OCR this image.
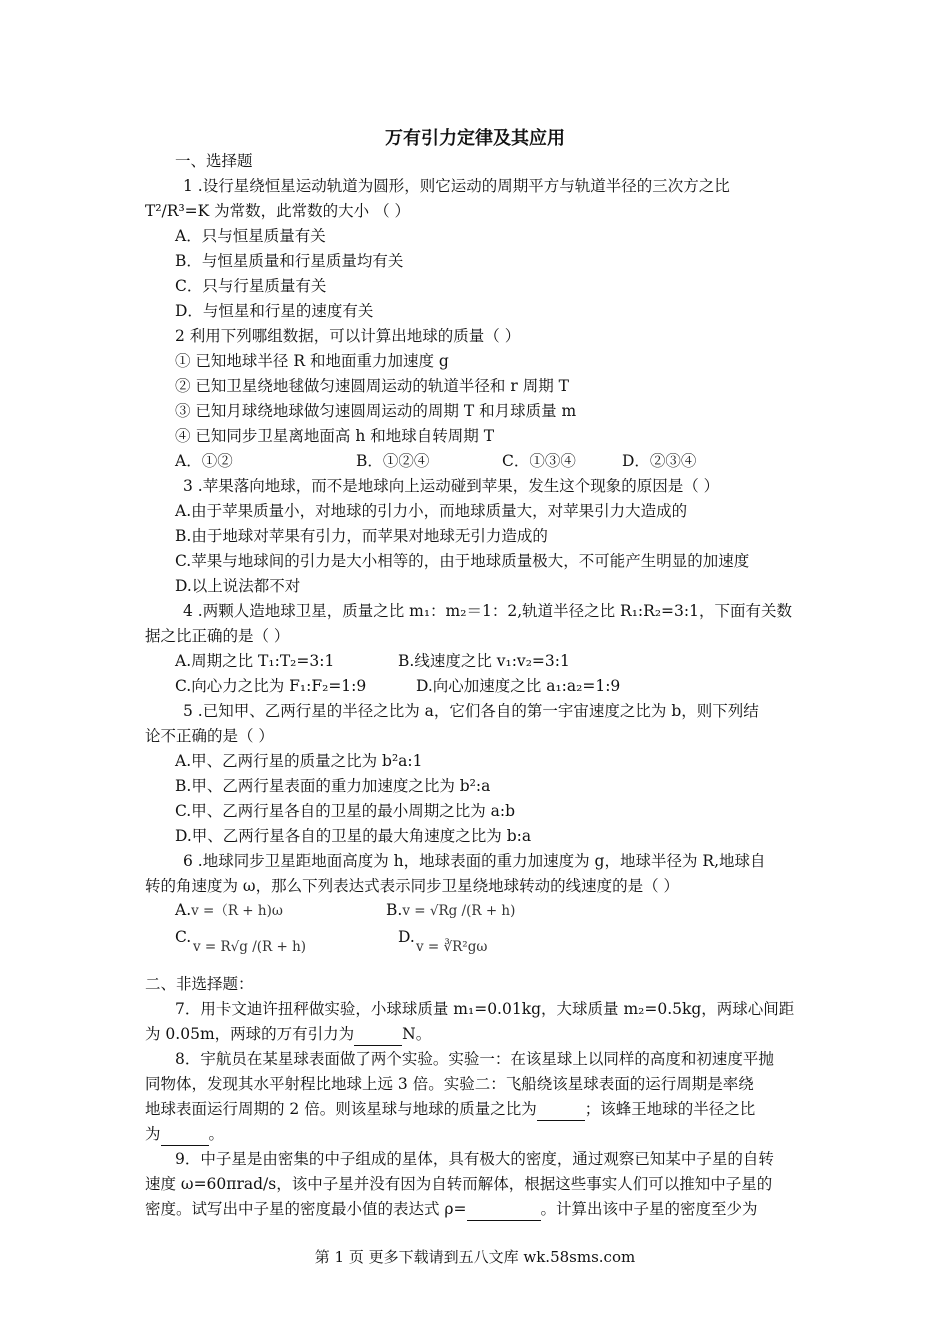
万有引力定律及其应用
一、选择题
1 .设行星绕恒星运动轨道为圆形，则它运动的周期平方与轨道半径的三次方之比
T²/R³=K 为常数，此常数的大小 （ ）
A．只与恒星质量有关
B．与恒星质量和行星质量均有关
C．只与行星质量有关
D．与恒星和行星的速度有关
2 利用下列哪组数据，可以计算出地球的质量（ ）
① 已知地球半径 R 和地面重力加速度 g
② 已知卫星绕地毬做匀速圆周运动的轨道半径和 r 周期 T
③ 已知月球绕地球做匀速圆周运动的周期 T 和月球质量 m
④ 已知同步卫星离地面高 h 和地球自转周期 T
A．①②	B．①②④	C．①③④	D．②③④
3 .苹果落向地球，而不是地球向上运动碰到苹果，发生这个现象的原因是（ ）
A.由于苹果质量小，对地球的引力小，而地球质量大，对苹果引力大造成的
B.由于地球对苹果有引力，而苹果对地球无引力造成的
C.苹果与地球间的引力是大小相等的，由于地球质量极大，不可能产生明显的加速度
D.以上说法都不对
4 .两颗人造地球卫星，质量之比 m₁：m₂＝1：2,轨道半径之比 R₁:R₂=3:1，下面有关数
据之比正确的是（ ）
A.周期之比 T₁:T₂=3:1	B.线速度之比 v₁:v₂=3:1
C.向心力之比为 F₁:F₂=1:9	D.向心加速度之比 a₁:a₂=1:9
5 .已知甲、乙两行星的半径之比为 a，它们各自的第一宇宙速度之比为 b，则下列结
论不正确的是（ ）
A.甲、乙两行星的质量之比为 b²a:1
B.甲、乙两行星表面的重力加速度之比为 b²:a
C.甲、乙两行星各自的卫星的最小周期之比为 a:b
D.甲、乙两行星各自的卫星的最大角速度之比为 b:a
6 .地球同步卫星距地面高度为 h，地球表面的重力加速度为 g，地球半径为 R,地球自
转的角速度为 ω，那么下列表达式表示同步卫星绕地球转动的线速度的是（ ）
A.v =（R + h)ω	B.v = √Rg /(R + h)
C.
v = R√g /(R + h)
D.
v = ∛R²gω
二、非选择题：
7．用卡文迪许扭秤做实验，小球球质量 m₁=0.01kg，大球质量 m₂=0.5kg，两球心间距
为 0.05m，两球的万有引力为	N。
8．宇航员在某星球表面做了两个实验。实验一：在该星球上以同样的高度和初速度平抛
同物体，发现其水平射程比地球上远 3 倍。实验二：飞船绕该星球表面的运行周期是率绕
地球表面运行周期的 2 倍。则该星球与地球的质量之比为	；该蜂王地球的半径之比
为	。
9．中子星是由密集的中子组成的星体，具有极大的密度，通过观察已知某中子星的自转
速度 ω=60πrad/s，该中子星并没有因为自转而解体，根据这些事实人们可以推知中子星的
密度。试写出中子星的密度最小值的表达式 ρ=	。计算出该中子星的密度至少为
第 1 页 更多下载请到五八文库 wk.58sms.com
